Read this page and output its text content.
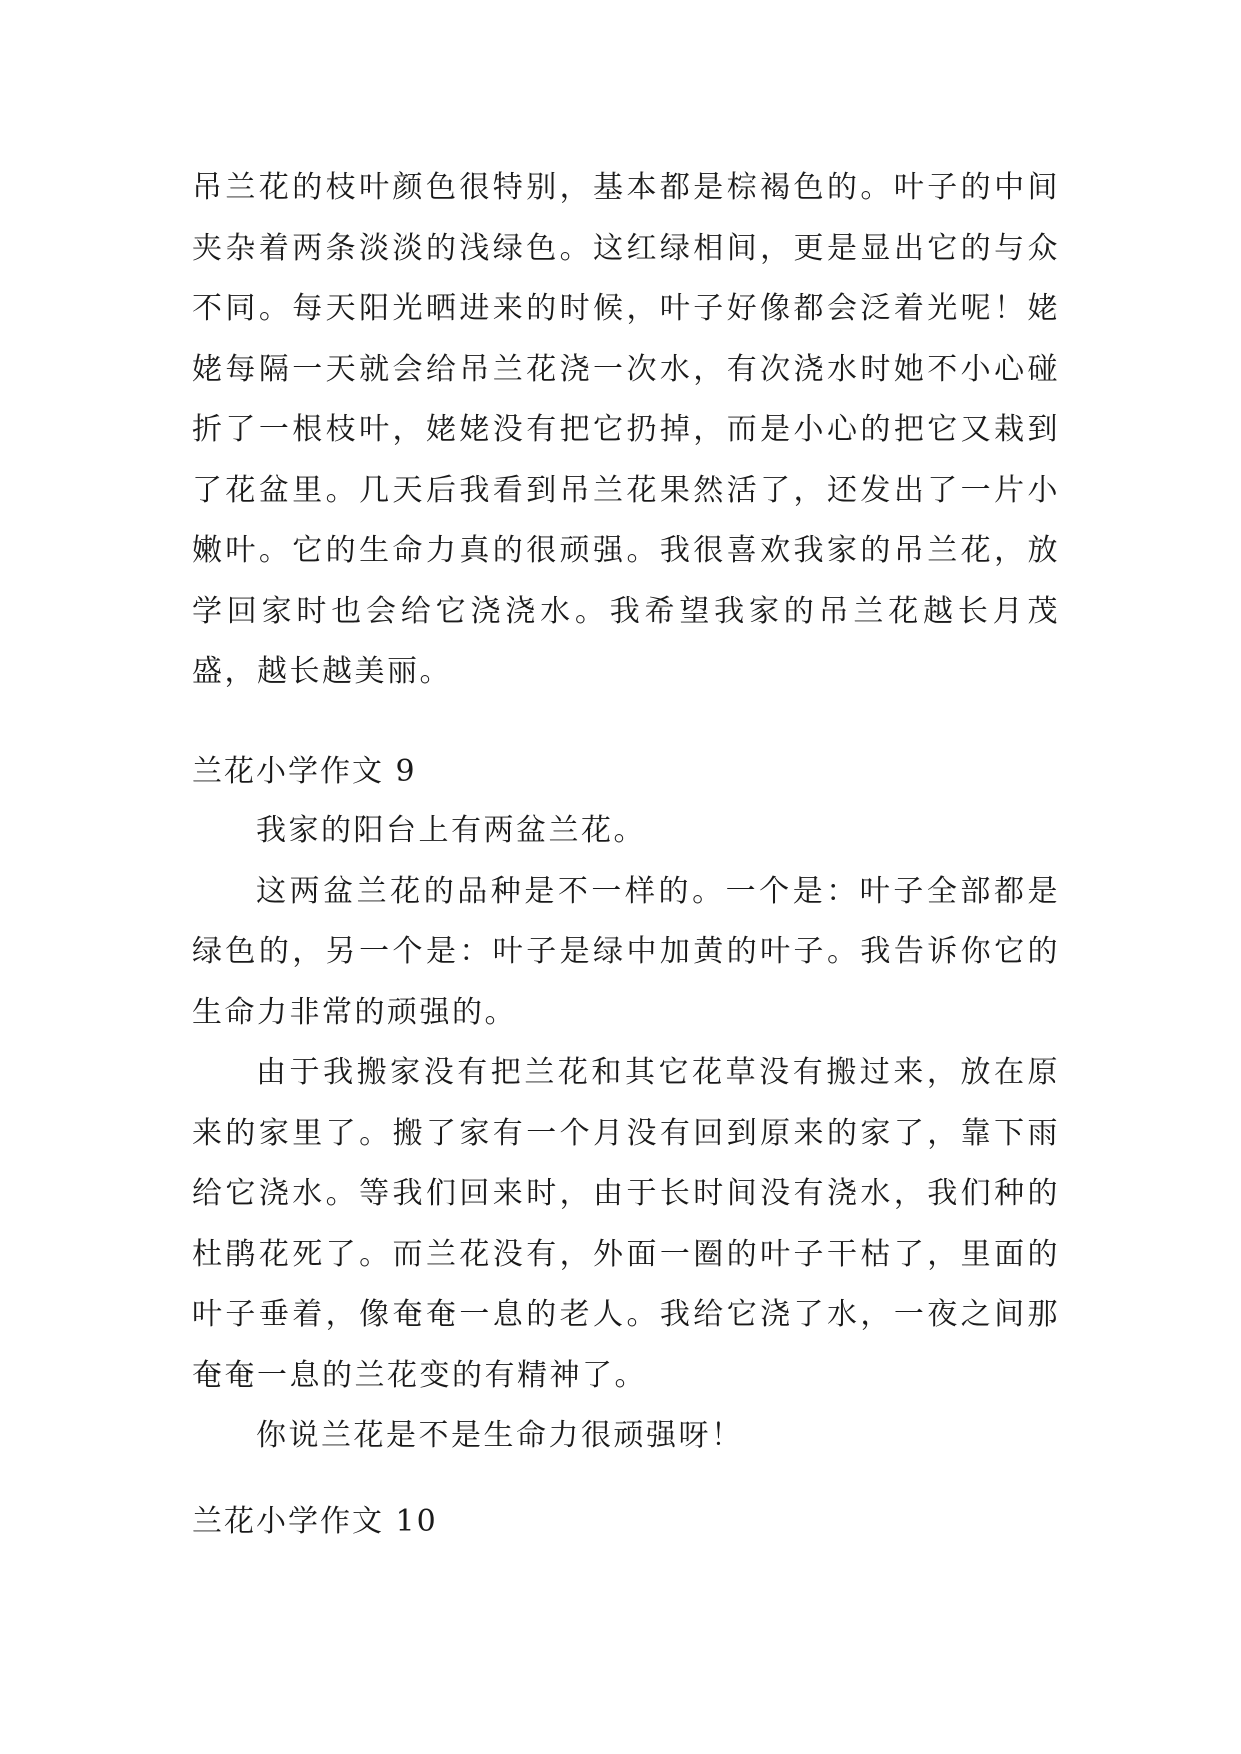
吊兰花的枝叶颜色很特别，基本都是棕褐色的。叶子的中间夹杂着两条淡淡的浅绿色。这红绿相间，更是显出它的与众不同。每天阳光晒进来的时候，叶子好像都会泛着光呢！姥姥每隔一天就会给吊兰花浇一次水，有次浇水时她不小心碰折了一根枝叶，姥姥没有把它扔掉，而是小心的把它又栽到了花盆里。几天后我看到吊兰花果然活了，还发出了一片小嫩叶。它的生命力真的很顽强。我很喜欢我家的吊兰花，放学回家时也会给它浇浇水。我希望我家的吊兰花越长月茂盛，越长越美丽。

兰花小学作文 9

我家的阳台上有两盆兰花。

这两盆兰花的品种是不一样的。一个是：叶子全部都是绿色的，另一个是：叶子是绿中加黄的叶子。我告诉你它的生命力非常的顽强的。

由于我搬家没有把兰花和其它花草没有搬过来，放在原来的家里了。搬了家有一个月没有回到原来的家了，靠下雨给它浇水。等我们回来时，由于长时间没有浇水，我们种的杜鹃花死了。而兰花没有，外面一圈的叶子干枯了，里面的叶子垂着，像奄奄一息的老人。我给它浇了水，一夜之间那奄奄一息的兰花变的有精神了。

你说兰花是不是生命力很顽强呀！

兰花小学作文 10
